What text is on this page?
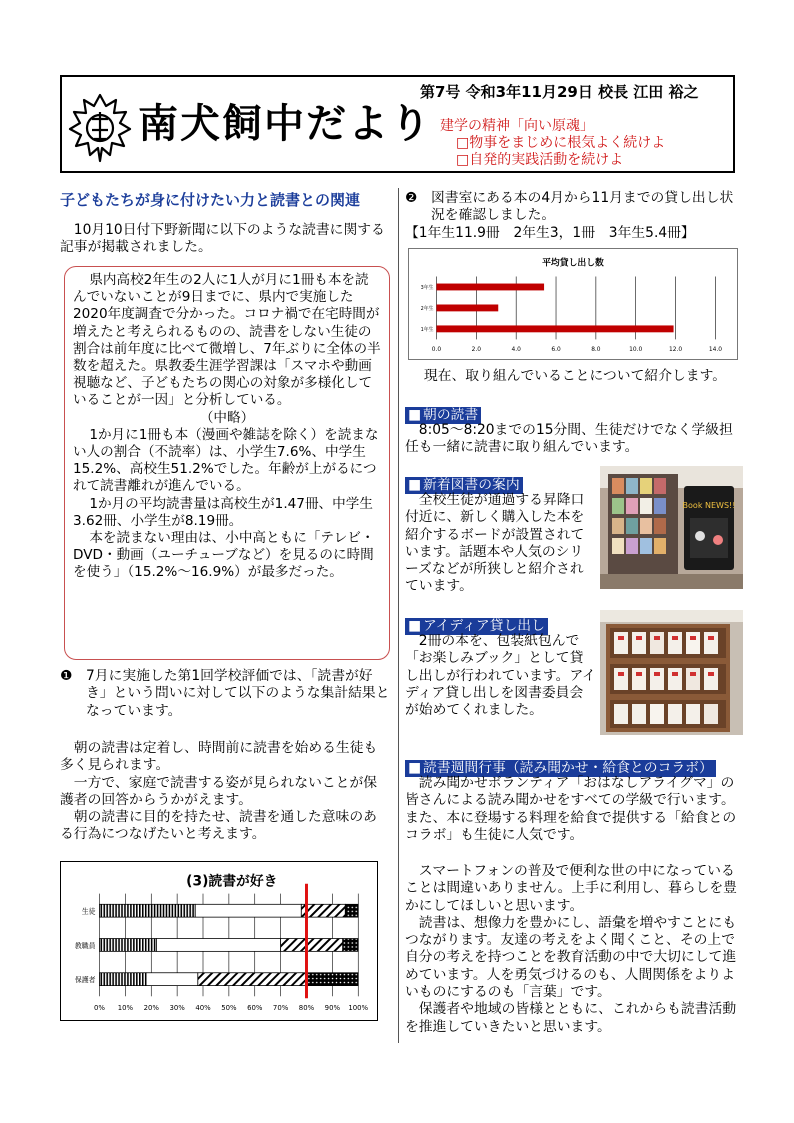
南犬飼中だより
第7号 令和3年11月29日 校長 江田 裕之
建学の精神「向い原魂」
□物事をまじめに根気よく続けよ
□自発的実践活動を続けよ
子どもたちが身に付けたい力と読書との関連

10月10日付下野新聞に以下のような読書に関する記事が掲載されました。

県内高校2年生の2人に1人が月に1冊も本を読んでいないことが9日までに、県内で実施した2020年度調査で分かった。コロナ禍で在宅時間が増えたと考えられるものの、読書をしない生徒の割合は前年度に比べて微増し、7年ぶりに全体の半数を超えた。県教委生涯学習課は「スマホや動画視聴など、子どもたちの関心の対象が多様化していることが一因」と分析している。

（中略）

1か月に1冊も本（漫画や雑誌を除く）を読まない人の割合（不読率）は、小学生7.6%、中学生15.2%、高校生51.2%でした。年齢が上がるにつれて読書離れが進んでいる。

1か月の平均読書量は高校生が1.47冊、中学生3.62冊、小学生が8.19冊。

本を読まない理由は、小中高ともに「テレビ・DVD・動画（ユーチューブなど）を見るのに時間を使う」（15.2%～16.9%）が最多だった。

❶ 7月に実施した第1回学校評価では、「読書が好き」という問いに対して以下のような集計結果となっています。

朝の読書は定着し、時間前に読書を始める生徒も多く見られます。

一方で、家庭で読書する姿が見られないことが保護者の回答からうかがえます。

朝の読書に目的を持たせ、読書を通した意味のある行為につなげたいと考えます。

(3)読書が好き
生徒
教職員
保護者
0% 10% 20% 30% 40% 50% 60% 70% 80% 90% 100%
❷ 図書室にある本の4月から11月までの貸し出し状況を確認しました。

【1年生11.9冊　2年生3，1冊　3年生5.4冊】

平均貸し出し数
3年生
2年生
1年生
0.0	2.0	4.0	6.0	8.0	10.0	12.0	14.0
現在、取り組んでいることについて紹介します。
■ 朝の読書

8:05～8:20までの15分間、生徒だけでなく学級担任も一緒に読書に取り組んでいます。

■ 新着図書の案内

全校生徒が通過する昇降口付近に、新しく購入した本を紹介するボードが設置されています。話題本や人気のシリーズなどが所狭しと紹介されています。

Book NEWS!!
■ アイディア貸し出し

2冊の本を、包装紙包んで「お楽しみブック」として貸し出しが行われています。アイディア貸し出しを図書委員会が始めてくれました。

■ 読書週間行事（読み聞かせ・給食とのコラボ）

読み聞かせボランティア「おはなしアライグマ」の皆さんによる読み聞かせをすべての学級で行います。また、本に登場する料理を給食で提供する「給食とのコラボ」も生徒に人気です。

スマートフォンの普及で便利な世の中になっていることは間違いありません。上手に利用し、暮らしを豊かにしてほしいと思います。

読書は、想像力を豊かにし、語彙を増やすことにもつながります。友達の考えをよく聞くこと、その上で自分の考えを持つことを教育活動の中で大切にして進めています。人を勇気づけるのも、人間関係をよりよいものにするのも「言葉」です。

保護者や地域の皆様とともに、これからも読書活動を推進していきたいと思います。
